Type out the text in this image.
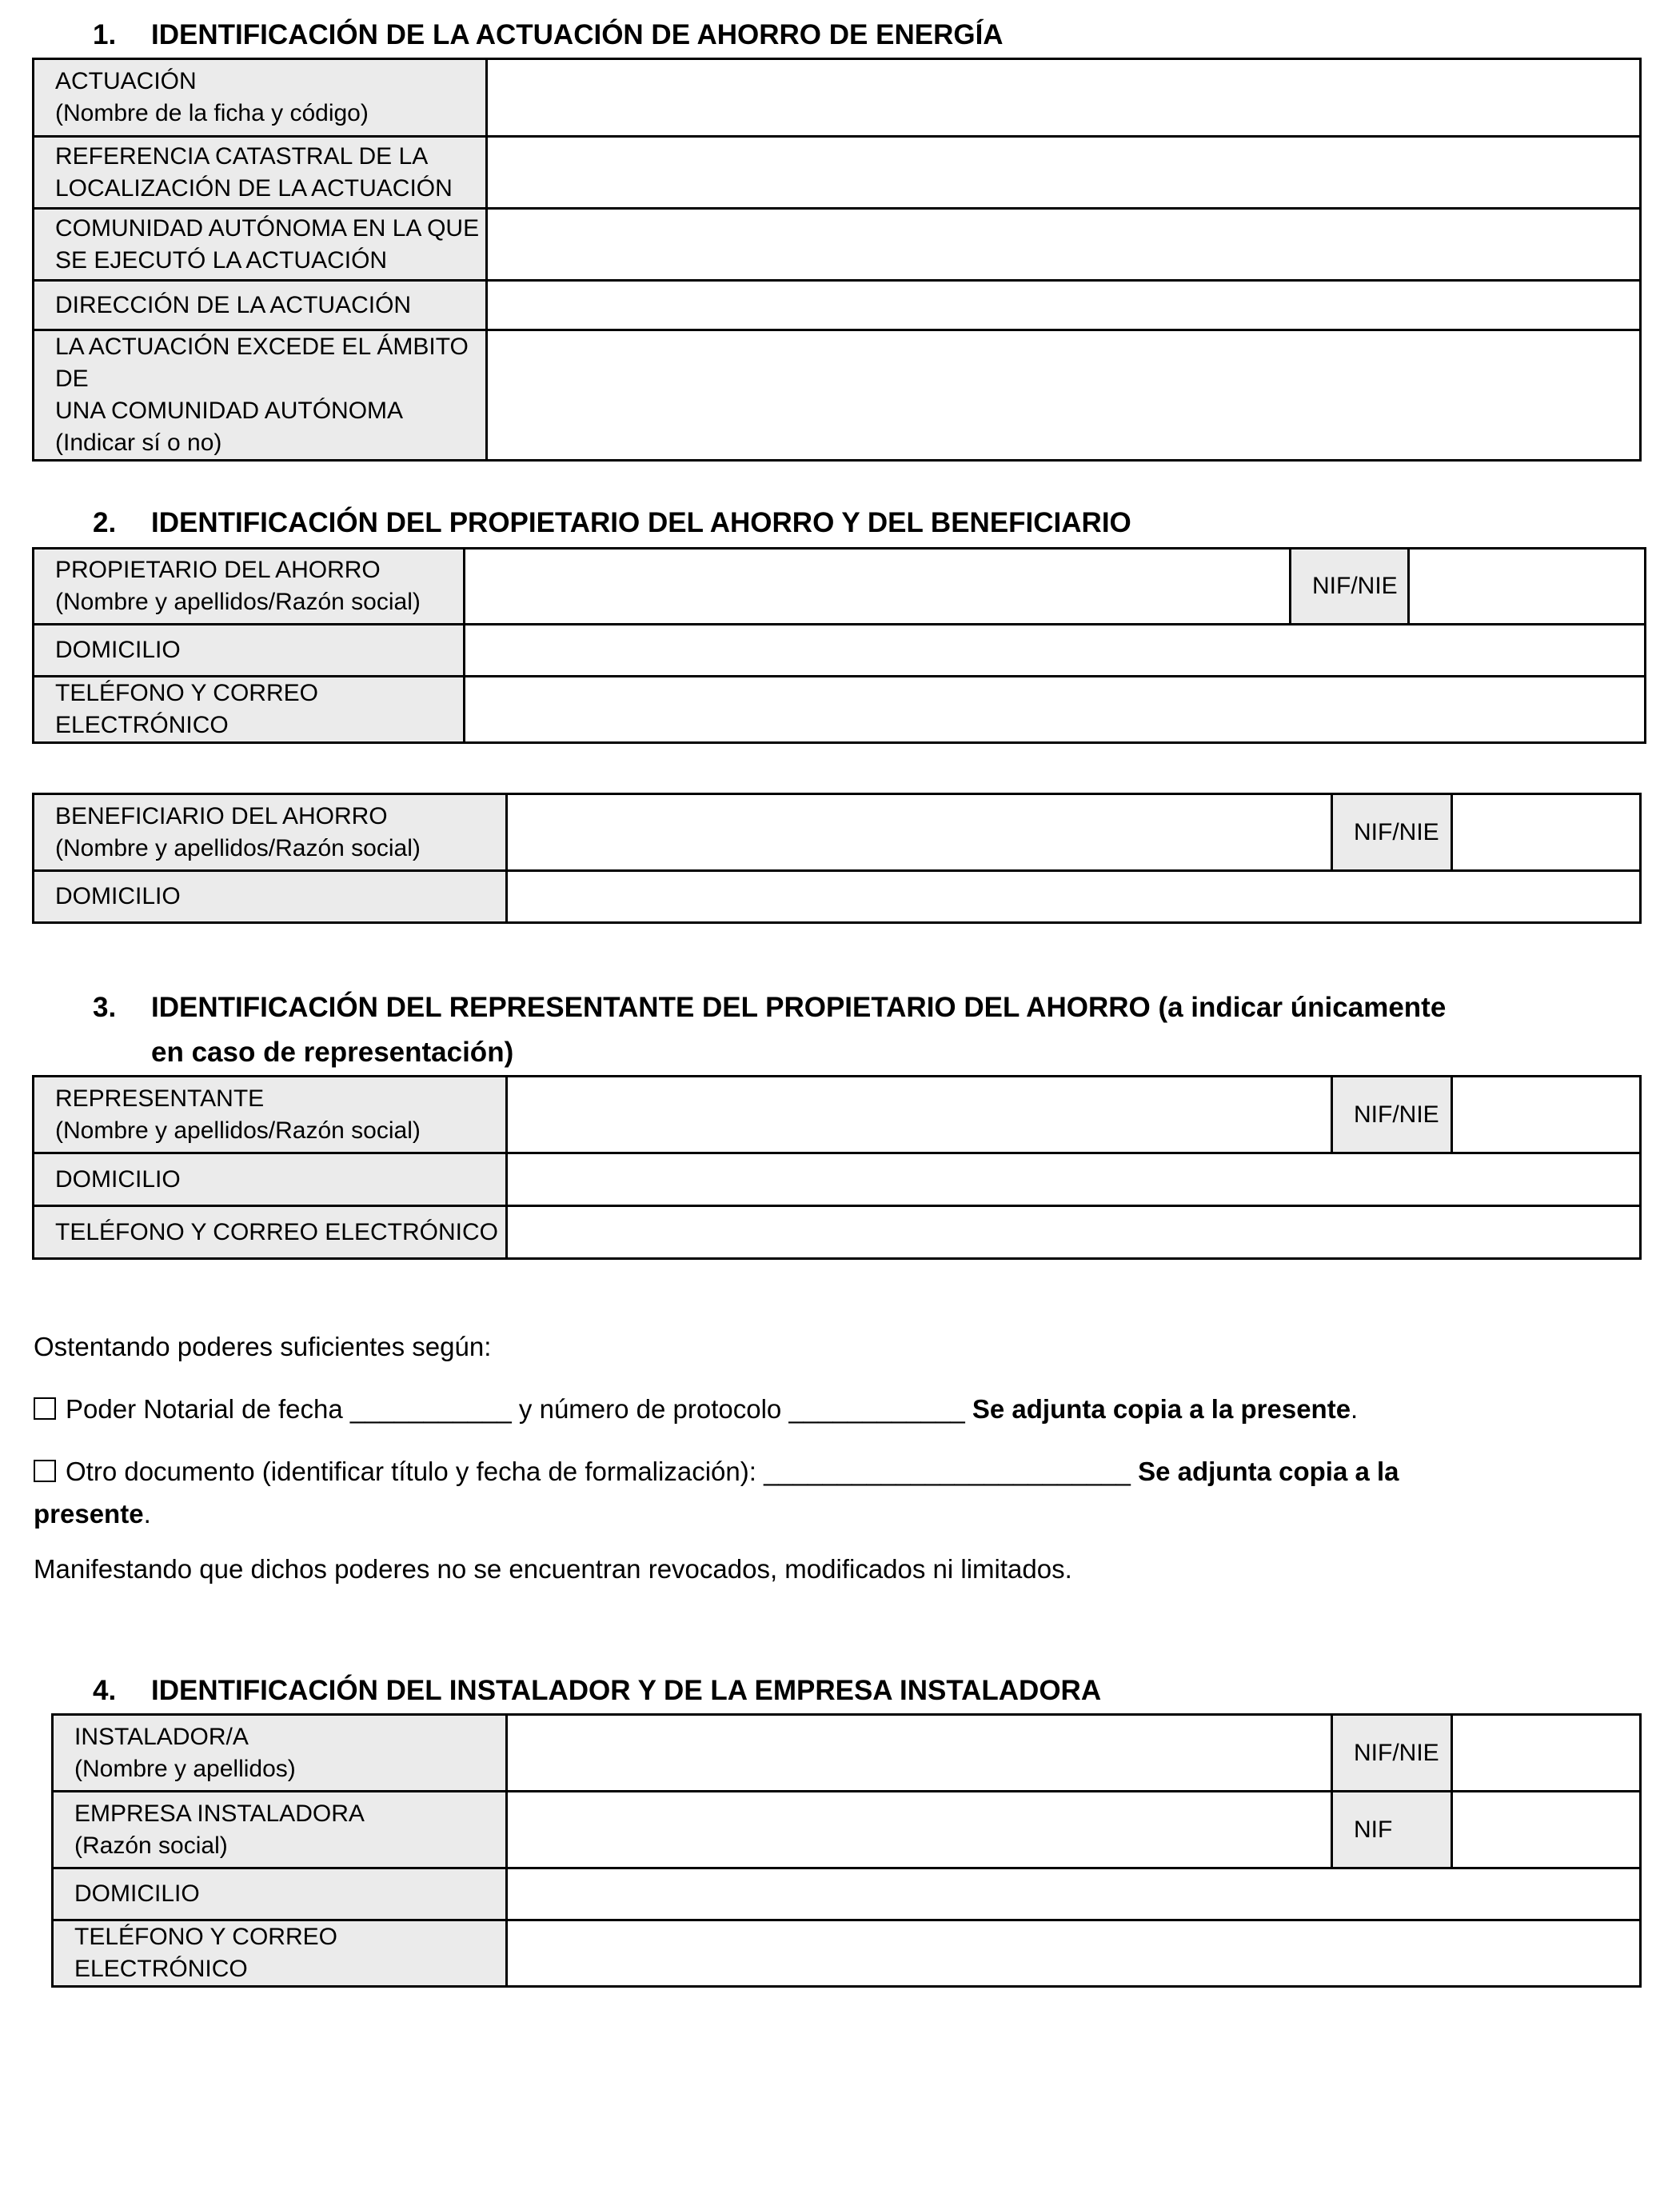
1. IDENTIFICACIÓN DE LA ACTUACIÓN DE AHORRO DE ENERGÍA
ACTUACIÓN
(Nombre de la ficha y código)	

REFERENCIA CATASTRAL DE LA
LOCALIZACIÓN DE LA ACTUACIÓN	

COMUNIDAD AUTÓNOMA EN LA QUE
SE EJECUTÓ LA ACTUACIÓN	

DIRECCIÓN DE LA ACTUACIÓN	

LA ACTUACIÓN EXCEDE EL ÁMBITO DE
UNA COMUNIDAD AUTÓNOMA
(Indicar sí o no)	

2. IDENTIFICACIÓN DEL PROPIETARIO DEL AHORRO Y DEL BENEFICIARIO
PROPIETARIO DEL AHORRO
(Nombre y apellidos/Razón social)		NIF/NIE	
DOMICILIO			
TELÉFONO Y CORREO ELECTRÓNICO			
BENEFICIARIO DEL AHORRO
(Nombre y apellidos/Razón social)		NIF/NIE	
DOMICILIO			
3. IDENTIFICACIÓN DEL REPRESENTANTE DEL PROPIETARIO DEL AHORRO (a indicar únicamente
en caso de representación)
REPRESENTANTE
(Nombre y apellidos/Razón social)		NIF/NIE	
DOMICILIO			
TELÉFONO Y CORREO ELECTRÓNICO			
Ostentando poderes suficientes según:
Poder Notarial de fecha ___________ y número de protocolo ____________ Se adjunta copia a la presente.
Otro documento (identificar título y fecha de formalización): _________________________ Se adjunta copia a la
presente.
Manifestando que dichos poderes no se encuentran revocados, modificados ni limitados.
4. IDENTIFICACIÓN DEL INSTALADOR Y DE LA EMPRESA INSTALADORA
INSTALADOR/A
(Nombre y apellidos)		NIF/NIE	

EMPRESA INSTALADORA
(Razón social)		NIF	
DOMICILIO			
TELÉFONO Y CORREO ELECTRÓNICO			
